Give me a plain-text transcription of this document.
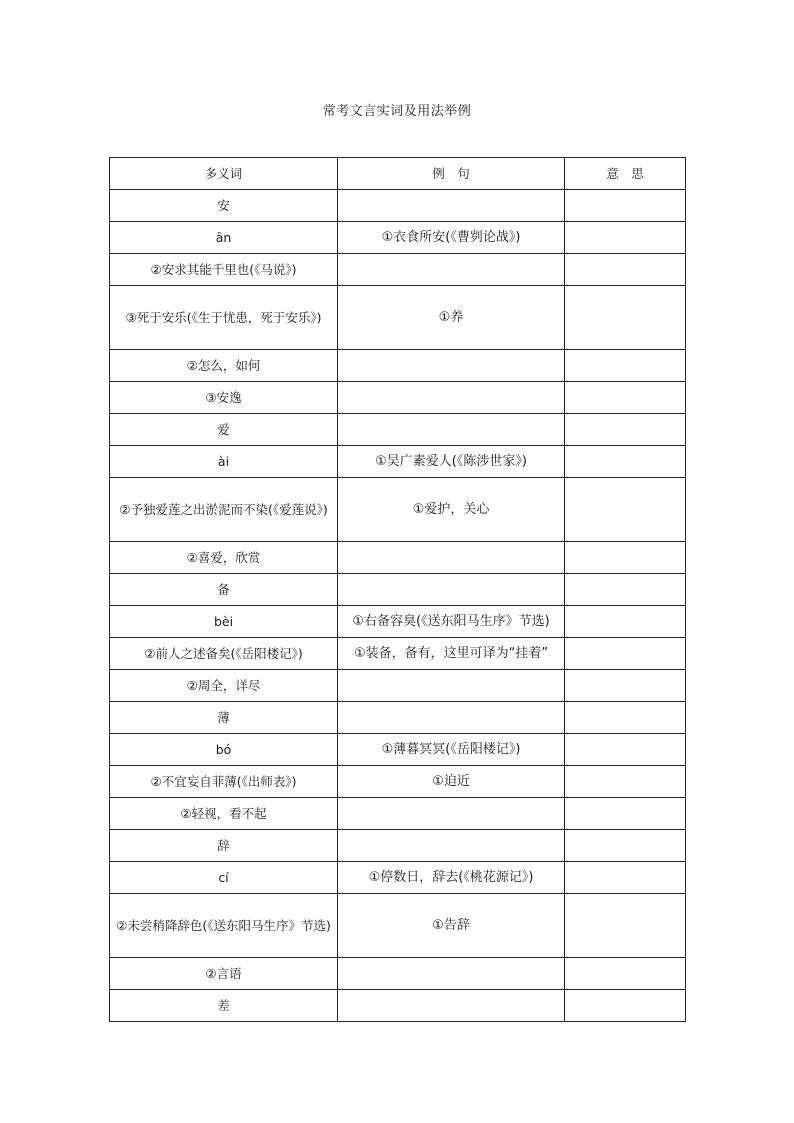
常考文言实词及用法举例
多义词	例　句	意　思
安		
ān	①衣食所安(《曹刿论战》)	
②安求其能千里也(《马说》)		
③死于安乐(《生于忧患，死于安乐》)	①养	
②怎么，如何		
③安逸		
爱		
ài	①吴广素爱人(《陈涉世家》)	
②予独爱莲之出淤泥而不染(《爱莲说》)	①爱护，关心	
②喜爱，欣赏		
备		
bèi	①右备容臭(《送东阳马生序》节选)	
②前人之述备矣(《岳阳楼记》)	①装备，备有，这里可译为“挂着”	
②周全，详尽		
薄		
bó	①薄暮冥冥(《岳阳楼记》)	
②不宜妄自菲薄(《出师表》)	①迫近	
②轻视，看不起		
辞		
cí	①停数日，辞去(《桃花源记》)	
②未尝稍降辞色(《送东阳马生序》节选)	①告辞	
②言语		
差		
